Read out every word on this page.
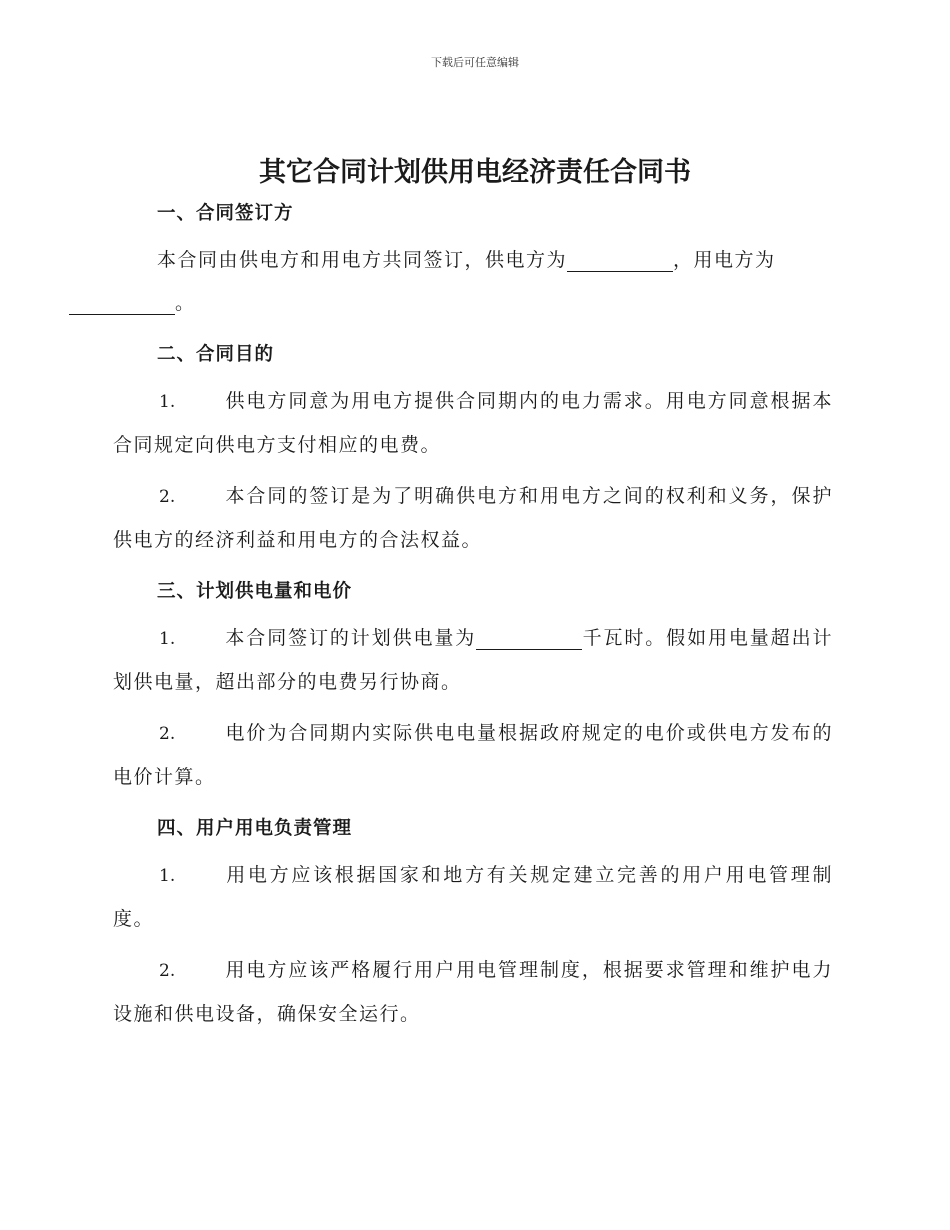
下载后可任意编辑
其它合同计划供用电经济责任合同书

一、合同签订方

本合同由供电方和用电方共同签订，供电方为	，用电方为
。

二、合同目的

1.	供电方同意为用电方提供合同期内的电力需求。用电方同意根据本合同规定向供电方支付相应的电费。

2.	本合同的签订是为了明确供电方和用电方之间的权利和义务，保护供电方的经济利益和用电方的合法权益。

三、计划供电量和电价

1.	本合同签订的计划供电量为	千瓦时。假如用电量超出计划供电量，超出部分的电费另行协商。

2.	电价为合同期内实际供电电量根据政府规定的电价或供电方发布的电价计算。

四、用户用电负责管理

1.	用电方应该根据国家和地方有关规定建立完善的用户用电管理制度。

2.	用电方应该严格履行用户用电管理制度，根据要求管理和维护电力设施和供电设备，确保安全运行。
